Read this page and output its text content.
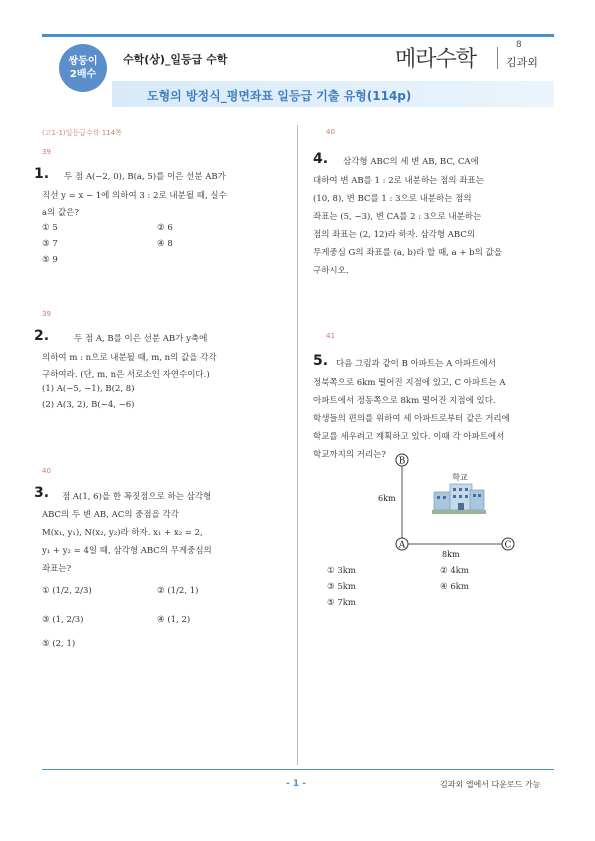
쌍둥이
2배수
수학(상)_일등급 수학	메라수학
8
김과외
도형의 방정식_평면좌표 일등급 기출 유형(114p)
(고1-1)일등급수학 114쪽
39
1. 두 점 A(−2, 0), B(a, 5)를 이은 선분 AB가
직선 y = x − 1에 의하여 3 : 2로 내분될 때, 실수
a의 값은?
① 5	② 6
③ 7	④ 8
⑤ 9
39
2.	두 점 A, B를 이은 선분 AB가 y축에
의하여 m : n으로 내분될 때, m, n의 값을 각각
구하여라. (단, m, n은 서로소인 자연수이다.)
(1) A(−5, −1), B(2, 8)
(2) A(3, 2), B(−4, −6)
40
3. 점 A(1, 6)을 한 꼭짓점으로 하는 삼각형
ABC의 두 변 AB, AC의 중점을 각각
M(x₁, y₁), N(x₂, y₂)라 하자. x₁ + x₂ = 2,
y₁ + y₂ = 4일 때, 삼각형 ABC의 무게중심의
좌표는?
① (1/2, 2/3)	② (1/2, 1)
③ (1, 2/3)	④ (1, 2)
⑤ (2, 1)
40
4. 삼각형 ABC의 세 변 AB, BC, CA에
대하여 변 AB를 1 : 2로 내분하는 점의 좌표는
(10, 8), 변 BC를 1 : 3으로 내분하는 점의
좌표는 (5, −3), 변 CA를 2 : 3으로 내분하는
점의 좌표는 (2, 12)라 하자. 삼각형 ABC의
무게중심 G의 좌표를 (a, b)라 할 때, a + b의 값을
구하시오.
41
5. 다음 그림과 같이 B 아파트는 A 아파트에서
정북쪽으로 6km 떨어진 지점에 있고, C 아파트는 A
아파트에서 정동쪽으로 8km 떨어진 지점에 있다.
학생들의 편의를 위하여 세 아파트로부터 같은 거리에
학교를 세우려고 계획하고 있다. 이때 각 아파트에서
학교까지의 거리는?
B
A	C
6km
8km
학교
① 3km	② 4km
③ 5km	④ 6km
⑤ 7km
- 1 -	김과외 앱에서 다운로드 가능
